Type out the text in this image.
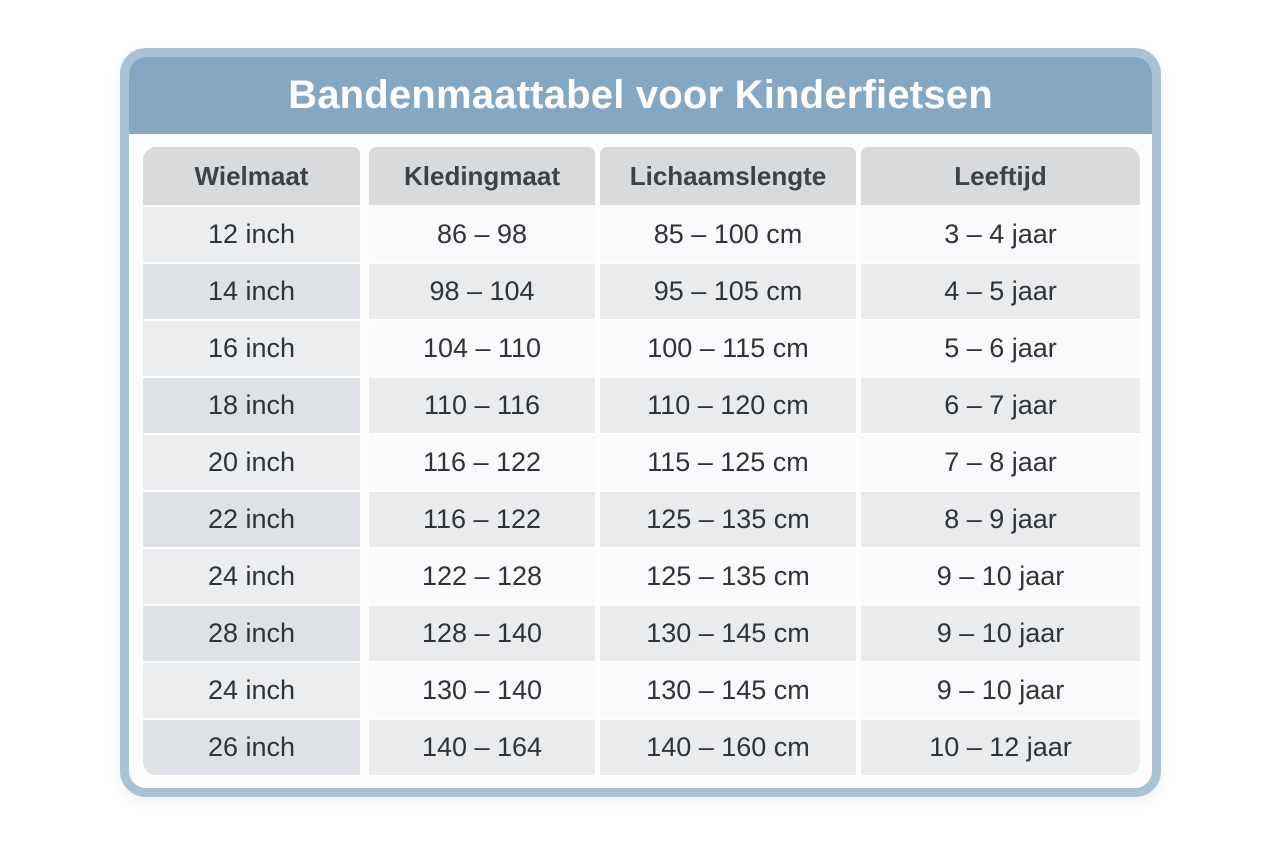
Bandenmaattabel voor Kinderfietsen
Wielmaat	Kledingmaat	Lichaamslengte	Leeftijd
12 inch	86 – 98	85 – 100 cm	3 – 4 jaar
14 inch	98 – 104	95 – 105 cm	4 – 5 jaar
16 inch	104 – 110	100 – 115 cm	5 – 6 jaar
18 inch	110 – 116	110 – 120 cm	6 – 7 jaar
20 inch	116 – 122	115 – 125 cm	7 – 8 jaar
22 inch	116 – 122	125 – 135 cm	8 – 9 jaar
24 inch	122 – 128	125 – 135 cm	9 – 10 jaar
28 inch	128 – 140	130 – 145 cm	9 – 10 jaar
24 inch	130 – 140	130 – 145 cm	9 – 10 jaar
26 inch	140 – 164	140 – 160 cm	10 – 12 jaar
